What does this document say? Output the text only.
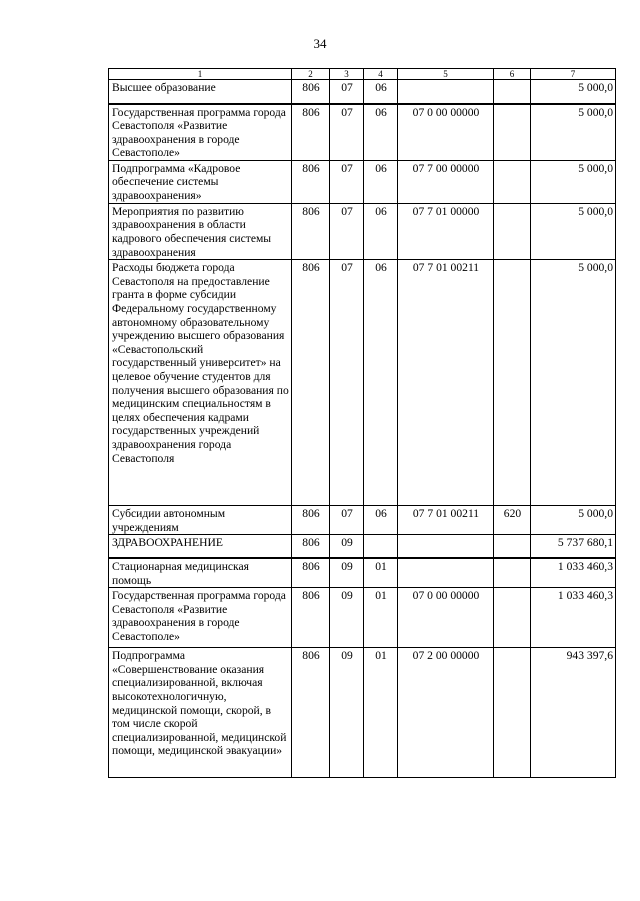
34
1	2	3	4	5	6	7
Высшее образование	806	07	06			5 000,0
Государственная программа города Севастополя «Развитие здравоохранения в городе Севастополе»	806	07	06	07 0 00 00000		5 000,0
Подпрограмма «Кадровое обеспечение системы здравоохранения»	806	07	06	07 7 00 00000		5 000,0
Мероприятия по развитию здравоохранения в области кадрового обеспечения системы здравоохранения	806	07	06	07 7 01 00000		5 000,0
Расходы бюджета города Севастополя на предоставление гранта в форме субсидии Федеральному государственному автономному образовательному учреждению высшего образования «Севастопольский государственный университет» на целевое обучение студентов для получения высшего образования по медицинским специальностям в целях обеспечения кадрами государственных учреждений здравоохранения города Севастополя	806	07	06	07 7 01 00211		5 000,0
Субсидии автономным учреждениям	806	07	06	07 7 01 00211	620	5 000,0
ЗДРАВООХРАНЕНИЕ	806	09				5 737 680,1
Стационарная медицинская помощь	806	09	01			1 033 460,3
Государственная программа города Севастополя «Развитие здравоохранения в городе Севастополе»	806	09	01	07 0 00 00000		1 033 460,3
Подпрограмма «Совершенствование оказания специализированной, включая высокотехнологичную, медицинской помощи, скорой, в том числе скорой специализированной, медицинской помощи, медицинской эвакуации»	806	09	01	07 2 00 00000		943 397,6
